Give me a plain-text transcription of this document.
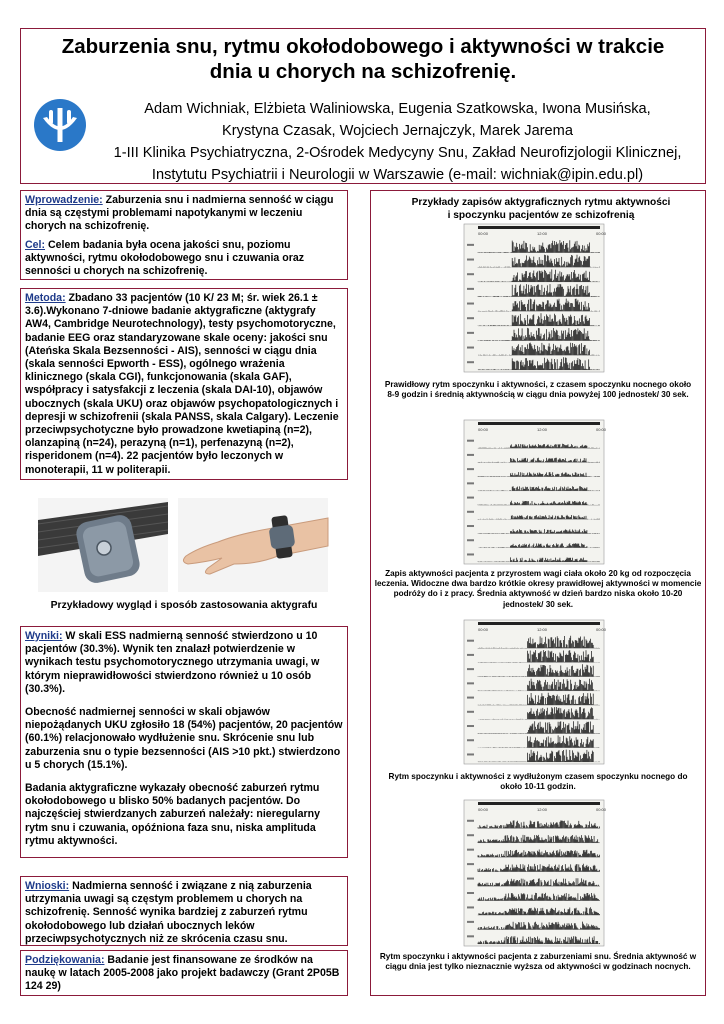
Zaburzenia snu, rytmu okołodobowego i aktywności w trakcie
dnia u chorych na schizofrenię.
Adam Wichniak, Elżbieta Waliniowska, Eugenia Szatkowska, Iwona Musińska,
Krystyna Czasak, Wojciech Jernajczyk, Marek Jarema
1-III Klinika Psychiatryczna, 2-Ośrodek Medycyny Snu, Zakład Neurofizjologii Klinicznej,
Instytutu Psychiatrii i Neurologii w Warszawie (e-mail: wichniak@ipin.edu.pl)

Wprowadzenie: Zaburzenia snu i nadmierna senność w ciągu dnia są częstymi problemami napotykanymi w leczeniu chorych na schizofrenię.

Cel: Celem badania była ocena jakości snu, poziomu aktywności, rytmu okołodobowego snu i czuwania oraz senności u chorych na schizofrenię.

Metoda: Zbadano 33 pacjentów (10 K/ 23 M; śr. wiek 26.1 ± 3.6).Wykonano 7-dniowe badanie aktygraficzne (aktygrafy AW4, Cambridge Neurotechnology), testy psychomotoryczne, badanie EEG oraz standaryzowane skale oceny: jakości snu (Ateńska Skala Bezsenności - AIS), senności w ciągu dnia (skala senności Epworth - ESS), ogólnego wrażenia klinicznego (skala CGI), funkcjonowania (skala GAF), współpracy i satysfakcji z leczenia (skala DAI-10), objawów ubocznych (skala UKU) oraz objawów psychopatologicznych i depresji w schizofrenii (skala PANSS, skala Calgary). Leczenie przeciwpsychotyczne było prowadzone kwetiapiną (n=2), olanzapiną (n=24), perazyną (n=1), perfenazyną (n=2), risperidonem (n=4). 22 pacjentów było leczonych w monoterapii, 11 w politerapii.

Przykładowy wygląd i sposób zastosowania aktygrafu

Wyniki: W skali ESS nadmierną senność stwierdzono u 10 pacjentów (30.3%). Wynik ten znalazł potwierdzenie w wynikach testu psychomotorycznego utrzymania uwagi, w którym nieprawidłowości stwierdzono również u 10 osób (30.3%).

Obecność nadmiernej senności w skali objawów niepożądanych UKU zgłosiło 18 (54%) pacjentów, 20 pacjentów (60.1%) relacjonowało wydłużenie snu. Skrócenie snu lub zaburzenia snu o typie bezsenności (AIS >10 pkt.) stwierdzono u 5 chorych (15.1%).

Badania aktygraficzne wykazały obecność zaburzeń rytmu okołodobowego u blisko 50% badanych pacjentów. Do najczęściej stwierdzanych zaburzeń należały: nieregularny rytm snu i czuwania, opóźniona faza snu, niska amplituda rytmu aktywności.

Wnioski: Nadmierna senność i związane z nią zaburzenia utrzymania uwagi są częstym problemem u chorych na schizofrenię. Senność wynika bardziej z zaburzeń rytmu okołodobowego lub działań ubocznych leków przeciwpsychotycznych niż ze skrócenia czasu snu.

Podziękowania: Badanie jest finansowane ze środków na naukę w latach 2005-2008 jako projekt badawczy (Grant 2P05B 124 29)

Przykłady zapisów aktygraficznych rytmu aktywności
i spoczynku pacjentów ze schizofrenią
00:00	12:00	00:00
Prawidłowy rytm spoczynku i aktywności, z czasem spoczynku nocnego około 8-9 godzin i średnią aktywnością w ciągu dnia powyżej 100 jednostek/ 30 sek.
00:00	12:00	00:00
Zapis aktywności pacjenta z przyrostem wagi ciała około 20 kg od rozpoczęcia leczenia. Widoczne dwa bardzo krótkie okresy prawidłowej aktywności w momencie podróży do i z pracy. Średnia aktywność w dzień bardzo niska około 10-20 jednostek/ 30 sek.
00:00	12:00	00:00
Rytm spoczynku i aktywności z wydłużonym czasem spoczynku nocnego do około 10-11 godzin.
00:00	12:00	00:00
Rytm spoczynku i aktywności pacjenta z zaburzeniami snu. Średnia aktywność w ciągu dnia jest tylko nieznacznie wyższa od aktywności w godzinach nocnych.
